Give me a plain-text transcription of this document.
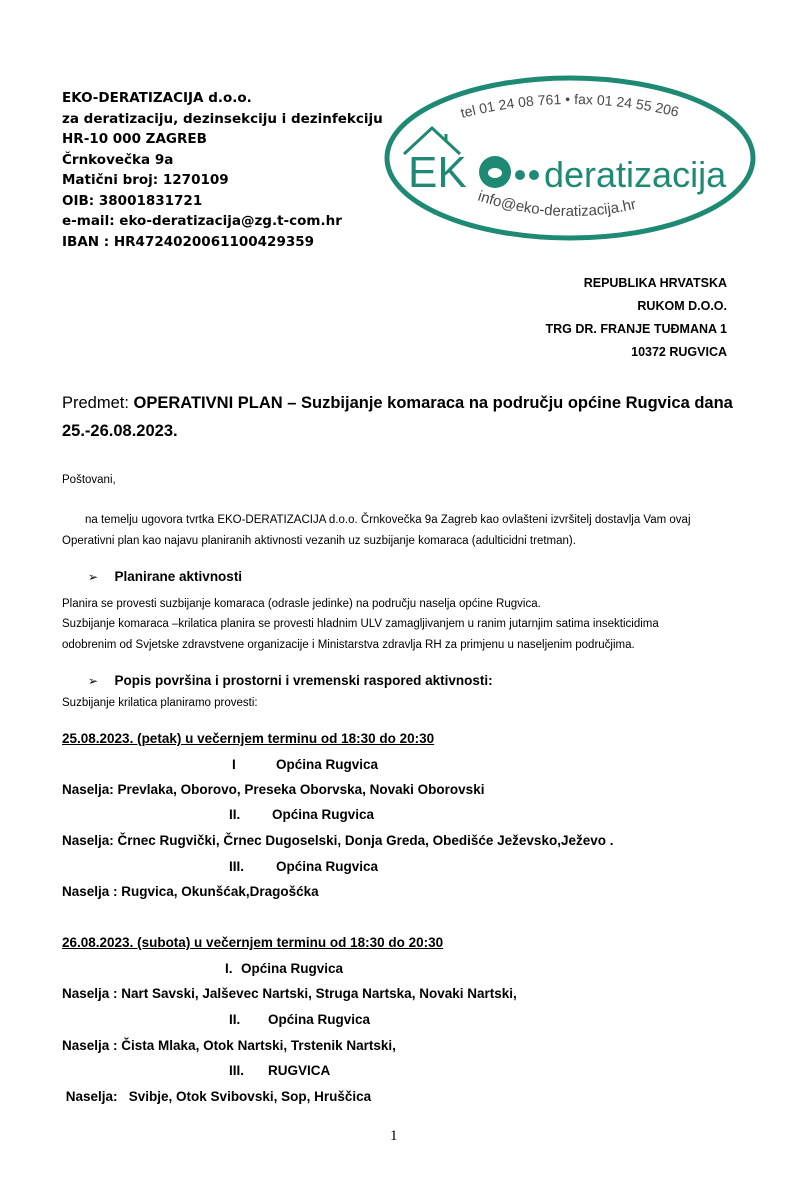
EKO-DERATIZACIJA d.o.o.
za deratizaciju, dezinsekciju i dezinfekciju
HR-10 000 ZAGREB
Črnkovečka 9a
Matični broj: 1270109
OIB: 38001831721
e-mail: eko-deratizacija@zg.t-com.hr
IBAN : HR4724020061100429359
tel 01 24 08 761 • fax 01 24 55 206
EK deratizacija
info@eko-deratizacija.hr
REPUBLIKA HRVATSKA
RUKOM D.O.O.
TRG DR. FRANJE TUĐMANA 1
10372 RUGVICA
Predmet: OPERATIVNI PLAN – Suzbijanje komaraca na području općine Rugvica dana
25.-26.08.2023.
Poštovani,
na temelju ugovora tvrtka EKO-DERATIZACIJA d.o.o. Črnkovečka 9a Zagreb kao ovlašteni izvršitelj dostavlja Vam ovaj
Operativni plan kao najavu planiranih aktivnosti vezanih uz suzbijanje komaraca (adulticidni tretman).
➢ Planirane aktivnosti
Planira se provesti suzbijanje komaraca (odrasle jedinke) na području naselja općine Rugvica.
Suzbijanje komaraca –krilatica planira se provesti hladnim ULV zamagljivanjem u ranim jutarnjim satima insekticidima
odobrenim od Svjetske zdravstvene organizacije i Ministarstva zdravlja RH za primjenu u naseljenim područjima.
➢ Popis površina i prostorni i vremenski raspored aktivnosti:
Suzbijanje krilatica planiramo provesti:
25.08.2023. (petak) u večernjem terminu od 18:30 do 20:30
I	Općina Rugvica
Naselja: Prevlaka, Oborovo, Preseka Oborvska, Novaki Oborovski
II. Općina Rugvica
Naselja: Črnec Rugvički, Črnec Dugoselski, Donja Greda, Obedišće Ježevsko,Ježevo .
III. Općina Rugvica
Naselja : Rugvica, Okunšćak,Dragošćka
26.08.2023. (subota) u večernjem terminu od 18:30 do 20:30
I. Općina Rugvica
Naselja : Nart Savski, Jalševec Nartski, Struga Nartska, Novaki Nartski,
II. Općina Rugvica
Naselja : Čista Mlaka, Otok Nartski, Trstenik Nartski,
III. RUGVICA
Naselja:   Svibje, Otok Svibovski, Sop, Hruščica
1
